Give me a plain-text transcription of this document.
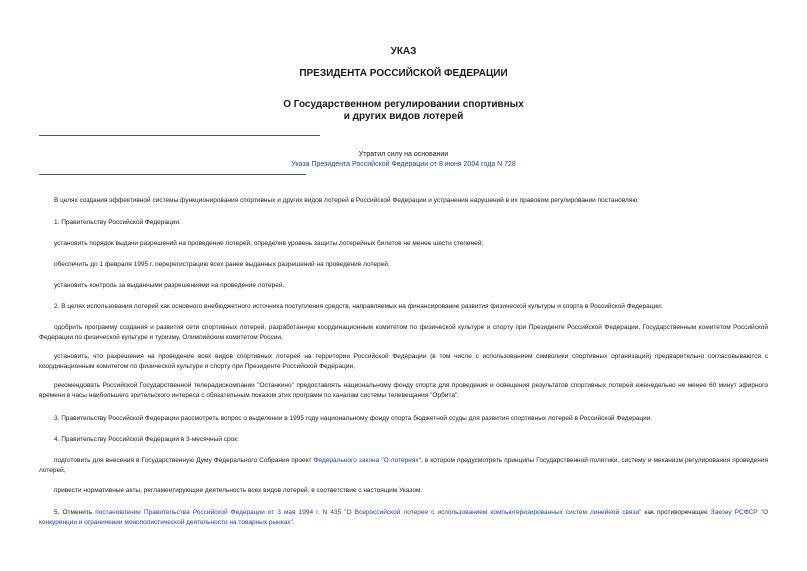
УКАЗ
ПРЕЗИДЕНТА РОССИЙСКОЙ ФЕДЕРАЦИИ
О Государственном регулировании спортивных
и других видов лотерей
Утратил силу на основании
Указа Президента Российской Федерации от 8 июня 2004 года N 728

В целях создания эффективной системы функционирования спортивных и других видов лотерей в Российской Федерации и устранения нарушений в их правовом регулировании постановляю:

1. Правительству Российской Федерации:

установить порядок выдачи разрешений на проведение лотерей, определив уровень защиты лотерейных билетов не менее шести степеней;

обеспечить до 1 февраля 1995 г. перерегистрацию всех ранее выданных разрешений на проведение лотерей,

установить контроль за выданными разрешениями на проведение лотерей.

2. В целях использования лотерей как основного внебюджетного источника поступления средств, направляемых на финансирование развития физической культуры и спорта в Российской Федерации:

одобрить программу создания и развития сети спортивных лотерей, разработанную координационным комитетом по физической культуре и спорту при Президенте Российской Федерации, Государственным комитетом Российской Федерации по физической культуре и туризму, Олимпийским комитетом России,

установить, что разрешения на проведение всех видов спортивных лотерей на территории Российской Федерации (в том числе с использованием символики спортивных организаций) предварительно согласовываются с координационным комитетом по физической культуре и спорту при Президенте Российской Федерации,

рекомендовать Российской Государственной телерадиокомпании "Останкино" предоставлять национальному фонду спорта для проведения и освещения результатов спортивных лотерей еженедельно не менее 60 минут эфирного времени в часы наибольшего зрительского интереса с обязательным показом этих программ по каналам системы телевещания "Орбита".

3. Правительству Российской Федерации рассмотреть вопрос о выделении в 1995 году национальному фонду спорта бюджетной ссуды для развития спортивных лотерей в Российской Федерации.

4. Правительству Российской Федерации в 3-месячный срок:

подготовить для внесения в Государственную Думу Федерального Собрания проект Федерального закона "О лотереях", в котором предусмотреть принципы Государственной политики, систему и механизм регулирования проведения лотерей,

привести нормативные акты, регламентирующие деятельность всех видов лотерей, в соответствие с настоящим Указом.

5. Отменить постановление Правительства Российской Федерации от 3 мая 1994 г. N 435 "О Всероссийской лотерее с использованием компьютеризированных систем линейной связи" как противоречащее Закону РСФСР "О конкуренции и ограничении монополистической деятельности на товарных рынках".
